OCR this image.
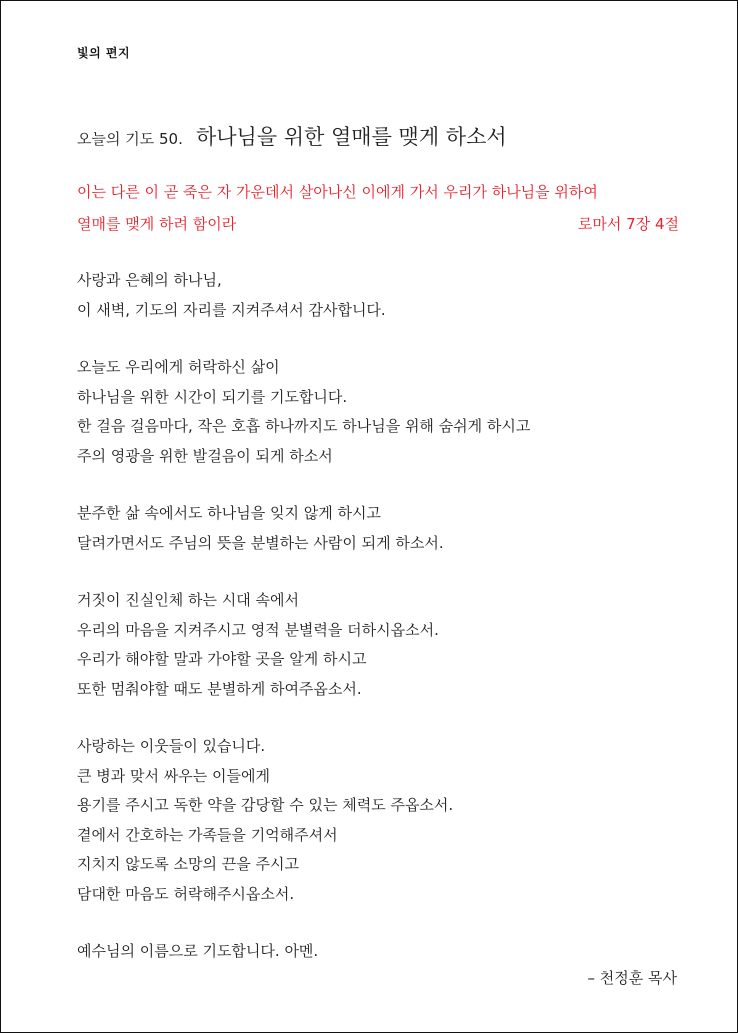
빛의 편지
오늘의 기도 50. 하나님을 위한 열매를 맺게 하소서
이는 다른 이 곧 죽은 자 가운데서 살아나신 이에게 가서 우리가 하나님을 위하여
열매를 맺게 하려 함이라	로마서 7장 4절
사랑과 은혜의 하나님,
이 새벽, 기도의 자리를 지켜주셔서 감사합니다.
오늘도 우리에게 허락하신 삶이
하나님을 위한 시간이 되기를 기도합니다.
한 걸음 걸음마다, 작은 호흡 하나까지도 하나님을 위해 숨쉬게 하시고
주의 영광을 위한 발걸음이 되게 하소서
분주한 삶 속에서도 하나님을 잊지 않게 하시고
달려가면서도 주님의 뜻을 분별하는 사람이 되게 하소서.
거짓이 진실인체 하는 시대 속에서
우리의 마음을 지켜주시고 영적 분별력을 더하시옵소서.
우리가 해야할 말과 가야할 곳을 알게 하시고
또한 멈춰야할 때도 분별하게 하여주옵소서.
사랑하는 이웃들이 있습니다.
큰 병과 맞서 싸우는 이들에게
용기를 주시고 독한 약을 감당할 수 있는 체력도 주옵소서.
곁에서 간호하는 가족들을 기억해주셔서
지치지 않도록 소망의 끈을 주시고
담대한 마음도 허락해주시옵소서.
예수님의 이름으로 기도합니다. 아멘.
– 천정훈 목사
